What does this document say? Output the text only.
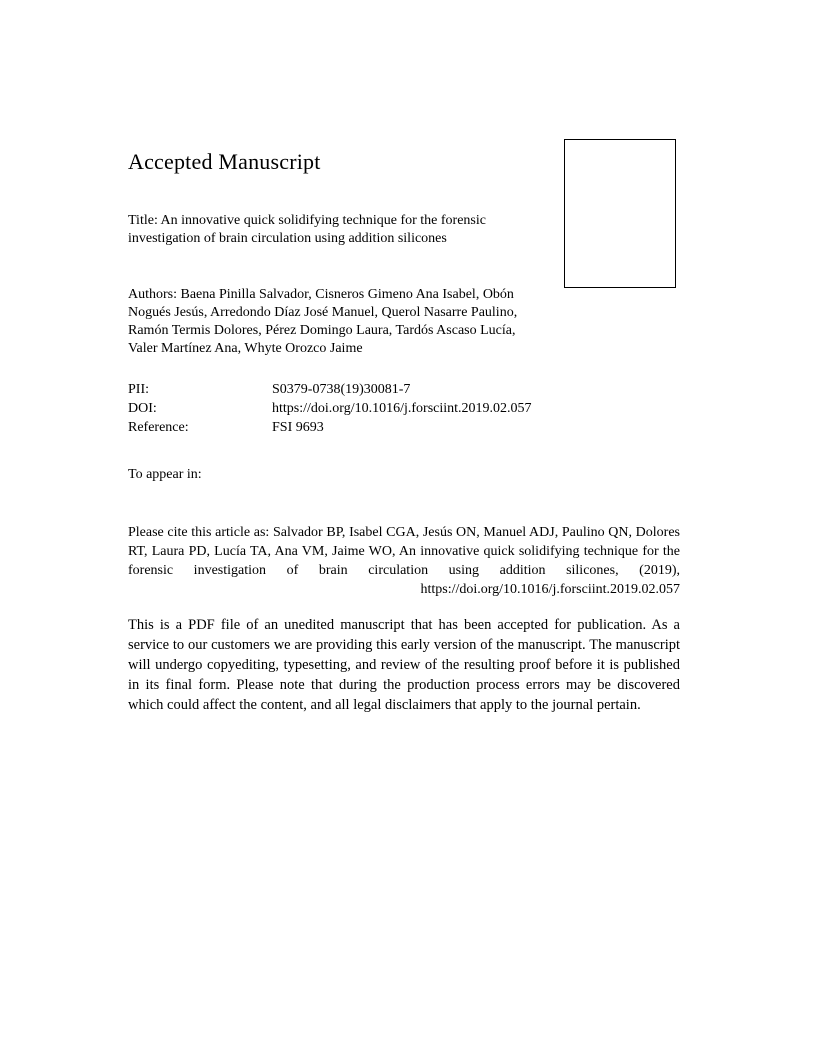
Accepted Manuscript

Title: An innovative quick solidifying technique for the forensic investigation of brain circulation using addition silicones

Authors: Baena Pinilla Salvador, Cisneros Gimeno Ana Isabel, Obón Nogués Jesús, Arredondo Díaz José Manuel, Querol Nasarre Paulino, Ramón Termis Dolores, Pérez Domingo Laura, Tardós Ascaso Lucía, Valer Martínez Ana, Whyte Orozco Jaime

PII:	S0379-0738(19)30081-7
DOI:	https://doi.org/10.1016/j.forsciint.2019.02.057
Reference:	FSI 9693

To appear in:

Please cite this article as: Salvador BP, Isabel CGA, Jesús ON, Manuel ADJ, Paulino QN, Dolores RT, Laura PD, Lucía TA, Ana VM, Jaime WO, An innovative quick solidifying technique for the forensic investigation of brain circulation using addition silicones, (2019), https://doi.org/10.1016/j.forsciint.2019.02.057

This is a PDF file of an unedited manuscript that has been accepted for publication. As a service to our customers we are providing this early version of the manuscript. The manuscript will undergo copyediting, typesetting, and review of the resulting proof before it is published in its final form. Please note that during the production process errors may be discovered which could affect the content, and all legal disclaimers that apply to the journal pertain.
